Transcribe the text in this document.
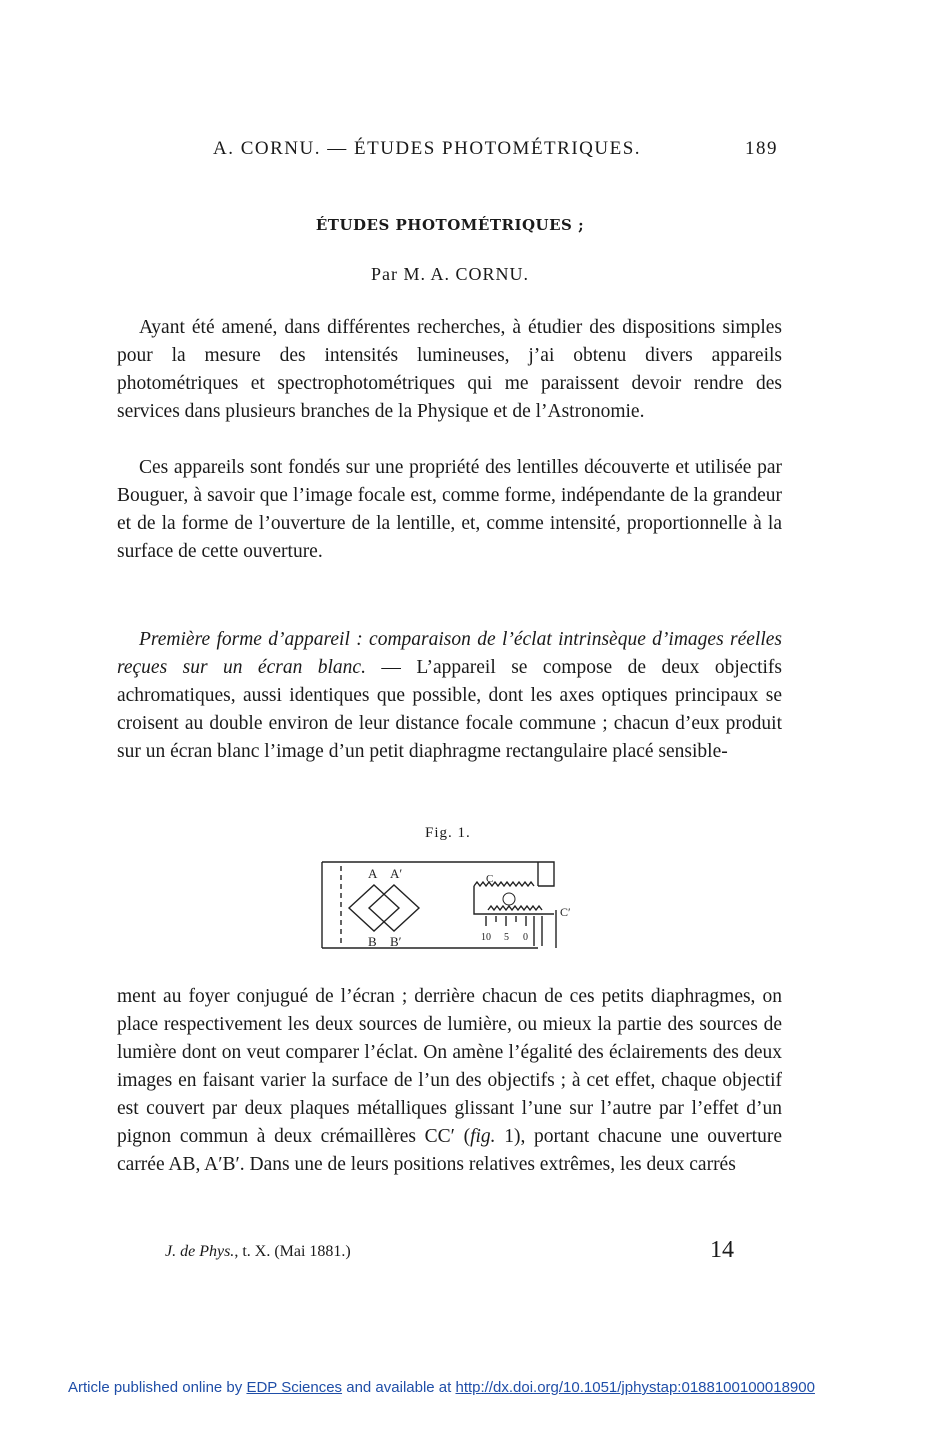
A. CORNU. — ÉTUDES PHOTOMÉTRIQUES.	189
ÉTUDES PHOTOMÉTRIQUES ;
Par M. A. CORNU.

Ayant été amené, dans différentes recherches, à étudier des dispositions simples pour la mesure des intensités lumineuses, j’ai obtenu divers appareils photométriques et spectrophotométriques qui me paraissent devoir rendre des services dans plusieurs branches de la Physique et de l’Astronomie.

Ces appareils sont fondés sur une propriété des lentilles découverte et utilisée par Bouguer, à savoir que l’image focale est, comme forme, indépendante de la grandeur et de la forme de l’ouverture de la lentille, et, comme intensité, proportionnelle à la surface de cette ouverture.

Première forme d’appareil : comparaison de l’éclat intrinsèque d’images réelles reçues sur un écran blanc. — L’appareil se compose de deux objectifs achromatiques, aussi identiques que possible, dont les axes optiques principaux se croisent au double environ de leur distance focale commune ; chacun d’eux produit sur un écran blanc l’image d’un petit diaphragme rectangulaire placé sensible-

Fig. 1.
A A′
B B′
C
C′
10 5 0

ment au foyer conjugué de l’écran ; derrière chacun de ces petits diaphragmes, on place respectivement les deux sources de lumière, ou mieux la partie des sources de lumière dont on veut comparer l’éclat. On amène l’égalité des éclairements des deux images en faisant varier la surface de l’un des objectifs ; à cet effet, chaque objectif est couvert par deux plaques métalliques glissant l’une sur l’autre par l’effet d’un pignon commun à deux crémaillères CC′ (fig. 1), portant chacune une ouverture carrée AB, A′B′. Dans une de leurs positions relatives extrêmes, les deux carrés

J. de Phys., t. X. (Mai 1881.)	14
Article published online by EDP Sciences and available at http://dx.doi.org/10.1051/jphystap:0188100100018900
